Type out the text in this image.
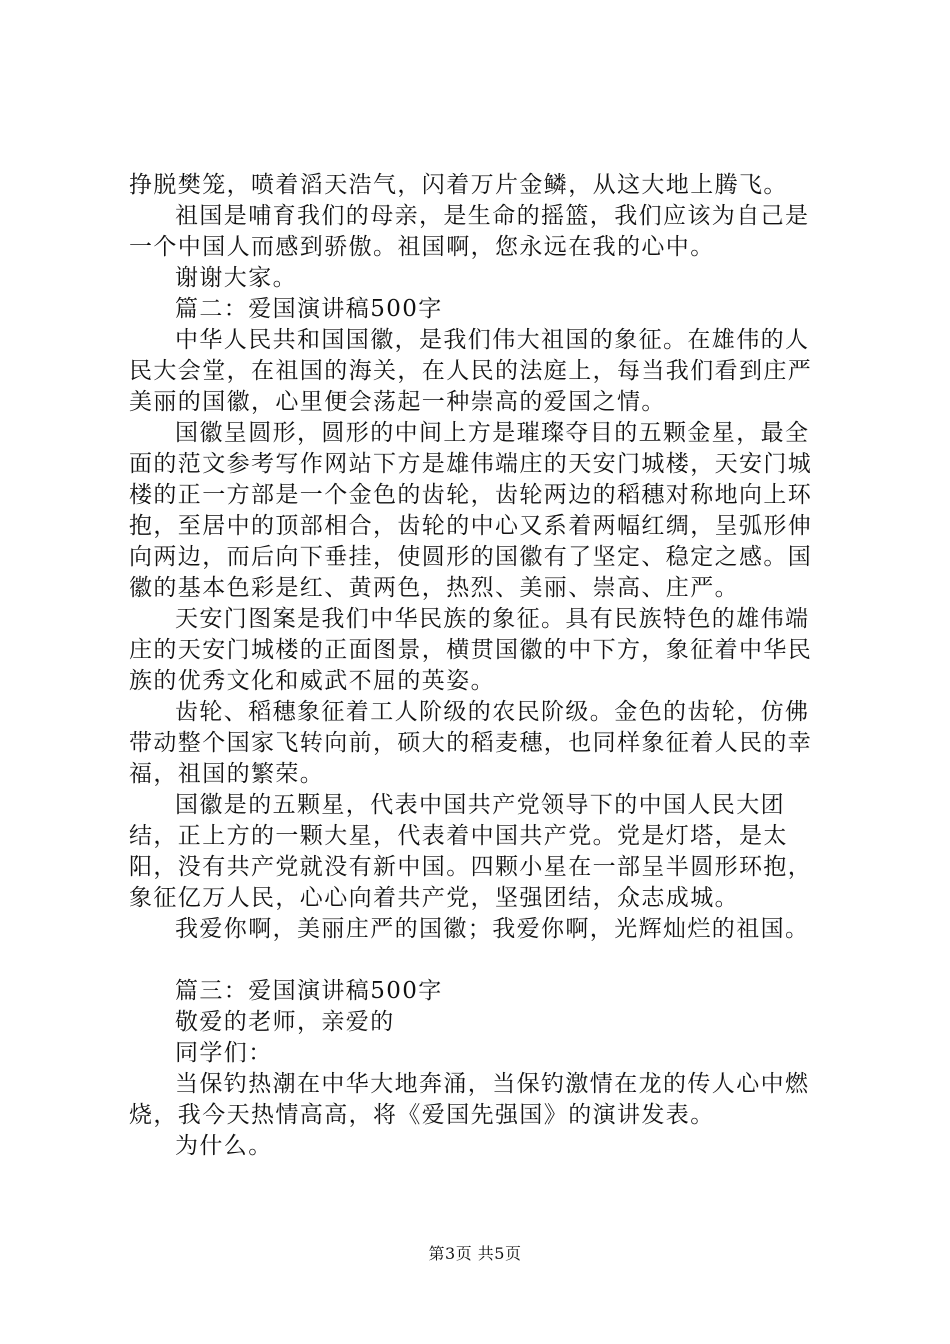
挣脱樊笼，喷着滔天浩气，闪着万片金鳞，从这大地上腾飞。

祖国是哺育我们的母亲，是生命的摇篮，我们应该为自己是一个中国人而感到骄傲。祖国啊，您永远在我的心中。

谢谢大家。

篇二：爱国演讲稿500字

中华人民共和国国徽，是我们伟大祖国的象征。在雄伟的人民大会堂，在祖国的海关，在人民的法庭上，每当我们看到庄严美丽的国徽，心里便会荡起一种崇高的爱国之情。

国徽呈圆形，圆形的中间上方是璀璨夺目的五颗金星，最全面的范文参考写作网站下方是雄伟端庄的天安门城楼，天安门城楼的正一方部是一个金色的齿轮，齿轮两边的稻穗对称地向上环抱，至居中的顶部相合，齿轮的中心又系着两幅红绸，呈弧形伸向两边，而后向下垂挂，使圆形的国徽有了坚定、稳定之感。国徽的基本色彩是红、黄两色，热烈、美丽、崇高、庄严。

天安门图案是我们中华民族的象征。具有民族特色的雄伟端庄的天安门城楼的正面图景，横贯国徽的中下方，象征着中华民族的优秀文化和威武不屈的英姿。

齿轮、稻穗象征着工人阶级的农民阶级。金色的齿轮，仿佛带动整个国家飞转向前，硕大的稻麦穗，也同样象征着人民的幸福，祖国的繁荣。

国徽是的五颗星，代表中国共产党领导下的中国人民大团结，正上方的一颗大星，代表着中国共产党。党是灯塔，是太阳，没有共产党就没有新中国。四颗小星在一部呈半圆形环抱，象征亿万人民，心心向着共产党，坚强团结，众志成城。

我爱你啊，美丽庄严的国徽；我爱你啊，光辉灿烂的祖国。

篇三：爱国演讲稿500字

敬爱的老师，亲爱的

同学们：

当保钓热潮在中华大地奔涌，当保钓激情在龙的传人心中燃烧，我今天热情高高，将《爱国先强国》的演讲发表。

为什么。

第3页 共5页
